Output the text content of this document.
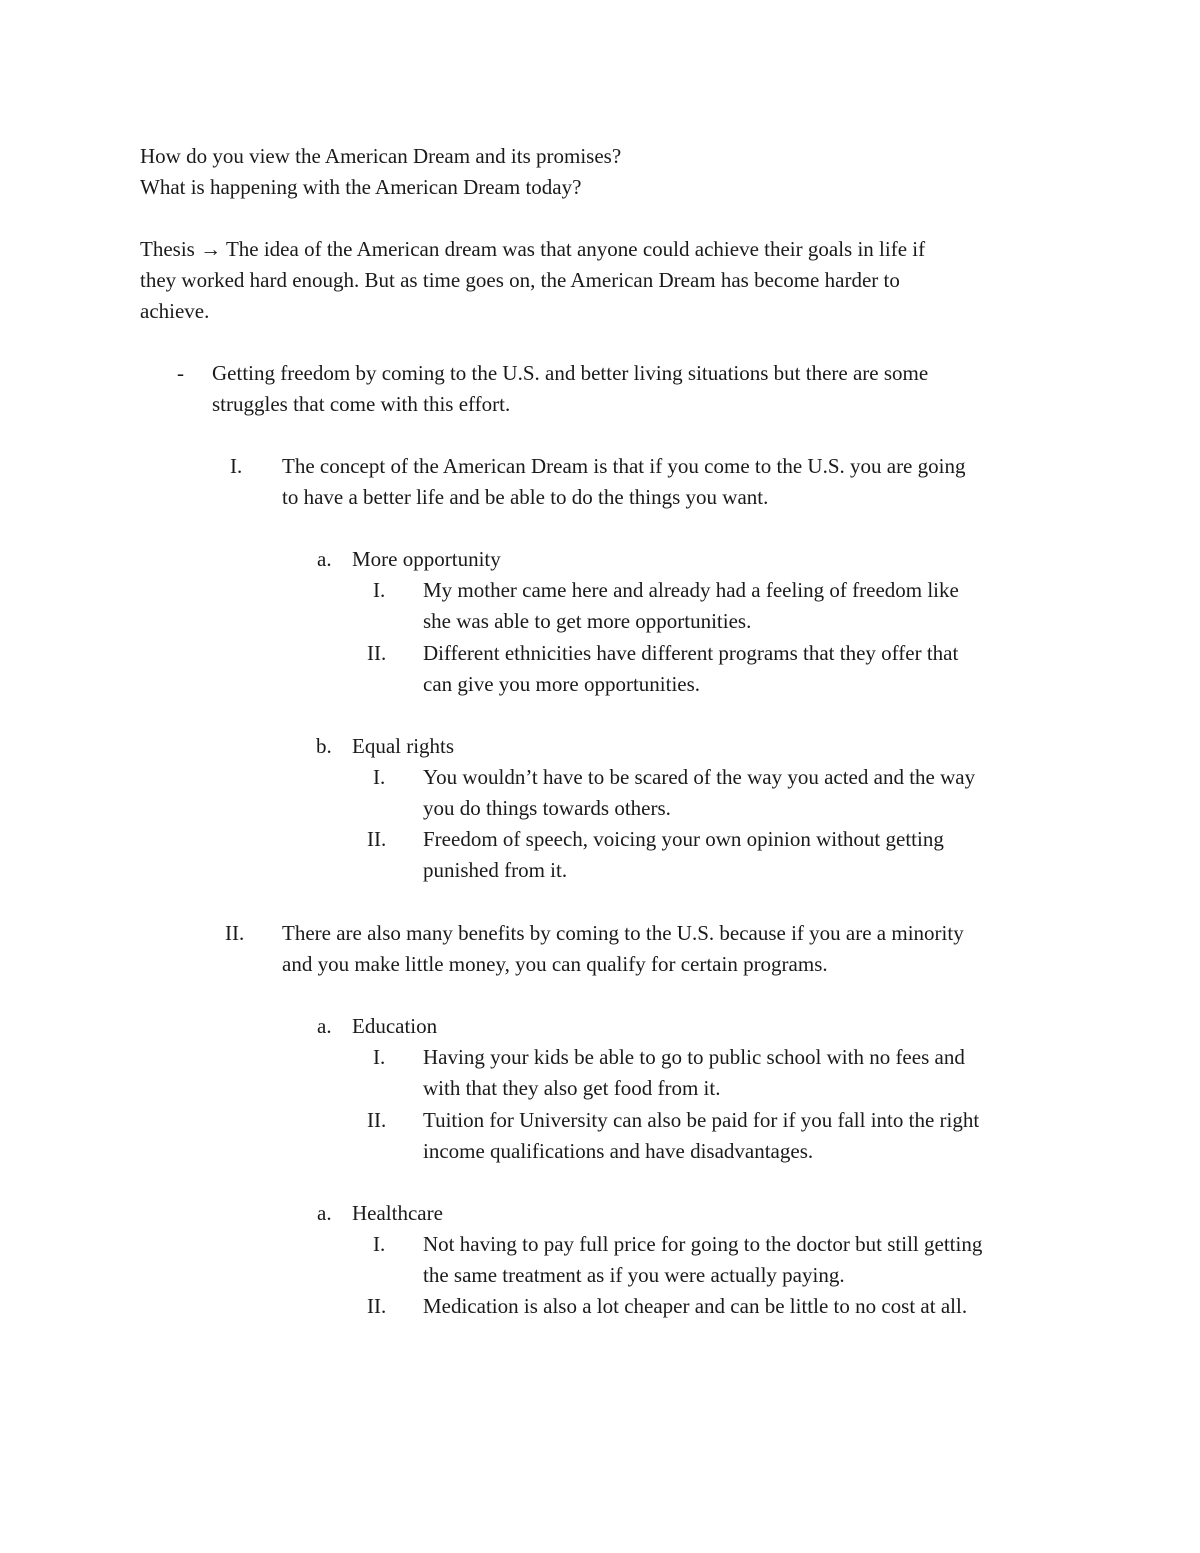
How do you view the American Dream and its promises?
What is happening with the American Dream today?
Thesis → The idea of the American dream was that anyone could achieve their goals in life if
they worked hard enough. But as time goes on, the American Dream has become harder to
achieve.
- Getting freedom by coming to the U.S. and better living situations but there are some
struggles that come with this effort.
I. The concept of the American Dream is that if you come to the U.S. you are going
to have a better life and be able to do the things you want.
a. More opportunity
I. My mother came here and already had a feeling of freedom like
she was able to get more opportunities.
II. Different ethnicities have different programs that they offer that
can give you more opportunities.
b. Equal rights
I. You wouldn’t have to be scared of the way you acted and the way
you do things towards others.
II. Freedom of speech, voicing your own opinion without getting
punished from it.
II. There are also many benefits by coming to the U.S. because if you are a minority
and you make little money, you can qualify for certain programs.
a. Education
I. Having your kids be able to go to public school with no fees and
with that they also get food from it.
II. Tuition for University can also be paid for if you fall into the right
income qualifications and have disadvantages.
a. Healthcare
I. Not having to pay full price for going to the doctor but still getting
the same treatment as if you were actually paying.
II. Medication is also a lot cheaper and can be little to no cost at all.
